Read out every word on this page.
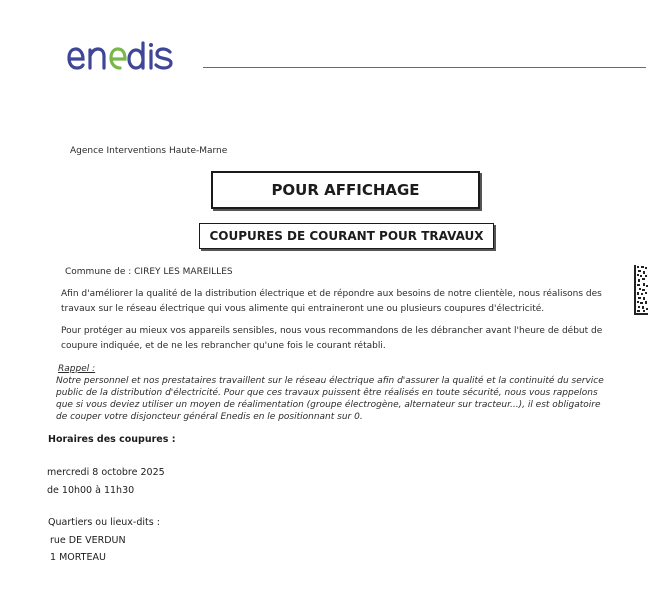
Agence Interventions Haute-Marne
POUR AFFICHAGE
COUPURES DE COURANT POUR TRAVAUX
Commune de : CIREY LES MAREILLES
Afin d'améliorer la qualité de la distribution électrique et de répondre aux besoins de notre clientèle, nous réalisons des travaux sur le réseau électrique qui vous alimente qui entraineront une ou plusieurs coupures d'électricité.
Pour protéger au mieux vos appareils sensibles, nous vous recommandons de les débrancher avant l'heure de début de coupure indiquée, et de ne les rebrancher qu'une fois le courant rétabli.
Rappel :
Notre personnel et nos prestataires travaillent sur le réseau électrique afin d'assurer la qualité et la continuité du service public de la distribution d'électricité. Pour que ces travaux puissent être réalisés en toute sécurité, nous vous rappelons que si vous deviez utiliser un moyen de réalimentation (groupe électrogène, alternateur sur tracteur...), il est obligatoire de couper votre disjoncteur général Enedis en le positionnant sur 0.
Horaires des coupures :
mercredi 8 octobre 2025
de 10h00 à 11h30
Quartiers ou lieux-dits :
rue DE VERDUN
1 MORTEAU
